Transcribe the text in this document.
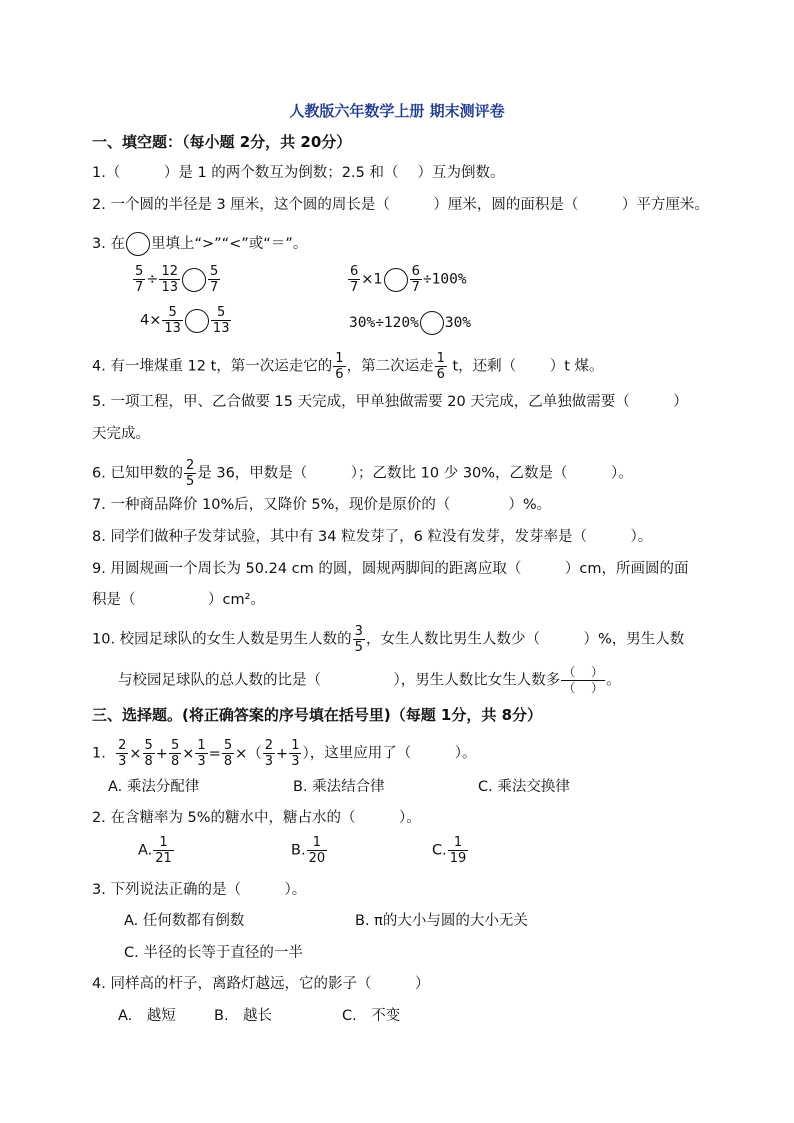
人教版六年数学上册 期末测评卷
一、填空题：（每小题 2分，共 20分）
1.（　　　）是 1 的两个数互为倒数；2.5 和（　 ）互为倒数。
2. 一个圆的半径是 3 厘米，这个圆的周长是（　　　）厘米，圆的面积是（　　　）平方厘米。
3. 在 里填上“>”“<”或“＝”。
$\frac{5}{7} \div \frac{12}{13} \frac{5}{7}$	$\frac{6}{7} \times 1 \frac{6}{7} \div 100\%$
$4\times \frac{5}{13} \frac{5}{13}$	30%÷120% 30%
4. 有一堆煤重 12 t，第一次运走它的 $\frac{1}{6}$ ，第二次运走 $\frac{1}{6}$ t，还剩（　　 ）t 煤。
5. 一项工程，甲、乙合做要 15 天完成，甲单独做需要 20 天完成，乙单独做需要（　　　）
天完成。
6. 已知甲数的 $\frac{2}{5}$ 是 36，甲数是（　　　）；乙数比 10 少 30%，乙数是（　　　）。
7. 一种商品降价 10%后，又降价 5%，现价是原价的（　　　　）%。
8. 同学们做种子发芽试验，其中有 34 粒发芽了，6 粒没有发芽，发芽率是（　　　）。
9. 用圆规画一个周长为 50.24 cm 的圆，圆规两脚间的距离应取（　　　）cm，所画圆的面
积是（　　　　　）cm²。
10. 校园足球队的女生人数是男生人数的 $\frac{3}{5}$ ，女生人数比男生人数少（　　　）%，男生人数
与校园足球队的总人数的比是（　　　　　），男生人数比女生人数多 $\frac{( )}{( )}$ 。
三、选择题。(将正确答案的序号填在括号里)（每题 1分，共 8分）
1. $\frac{2}{3} \times \frac{5}{8} + \frac{5}{8} \times \frac{1}{3} = \frac{5}{8}$ ×（ $\frac{2}{3} + \frac{1}{3}$ ），这里应用了（　　　）。
A. 乘法分配律	B. 乘法结合律	C. 乘法交换律
2. 在含糖率为 5%的糖水中，糖占水的（　　　）。
A. $\frac{1}{21}$	B. $\frac{1}{20}$	C. $\frac{1}{19}$
3. 下列说法正确的是（　　　）。
A. 任何数都有倒数	B. π的大小与圆的大小无关
C. 半径的长等于直径的一半
4. 同样高的杆子，离路灯越远，它的影子（　　　）
A.　越短	B.　越长	C.　不变
